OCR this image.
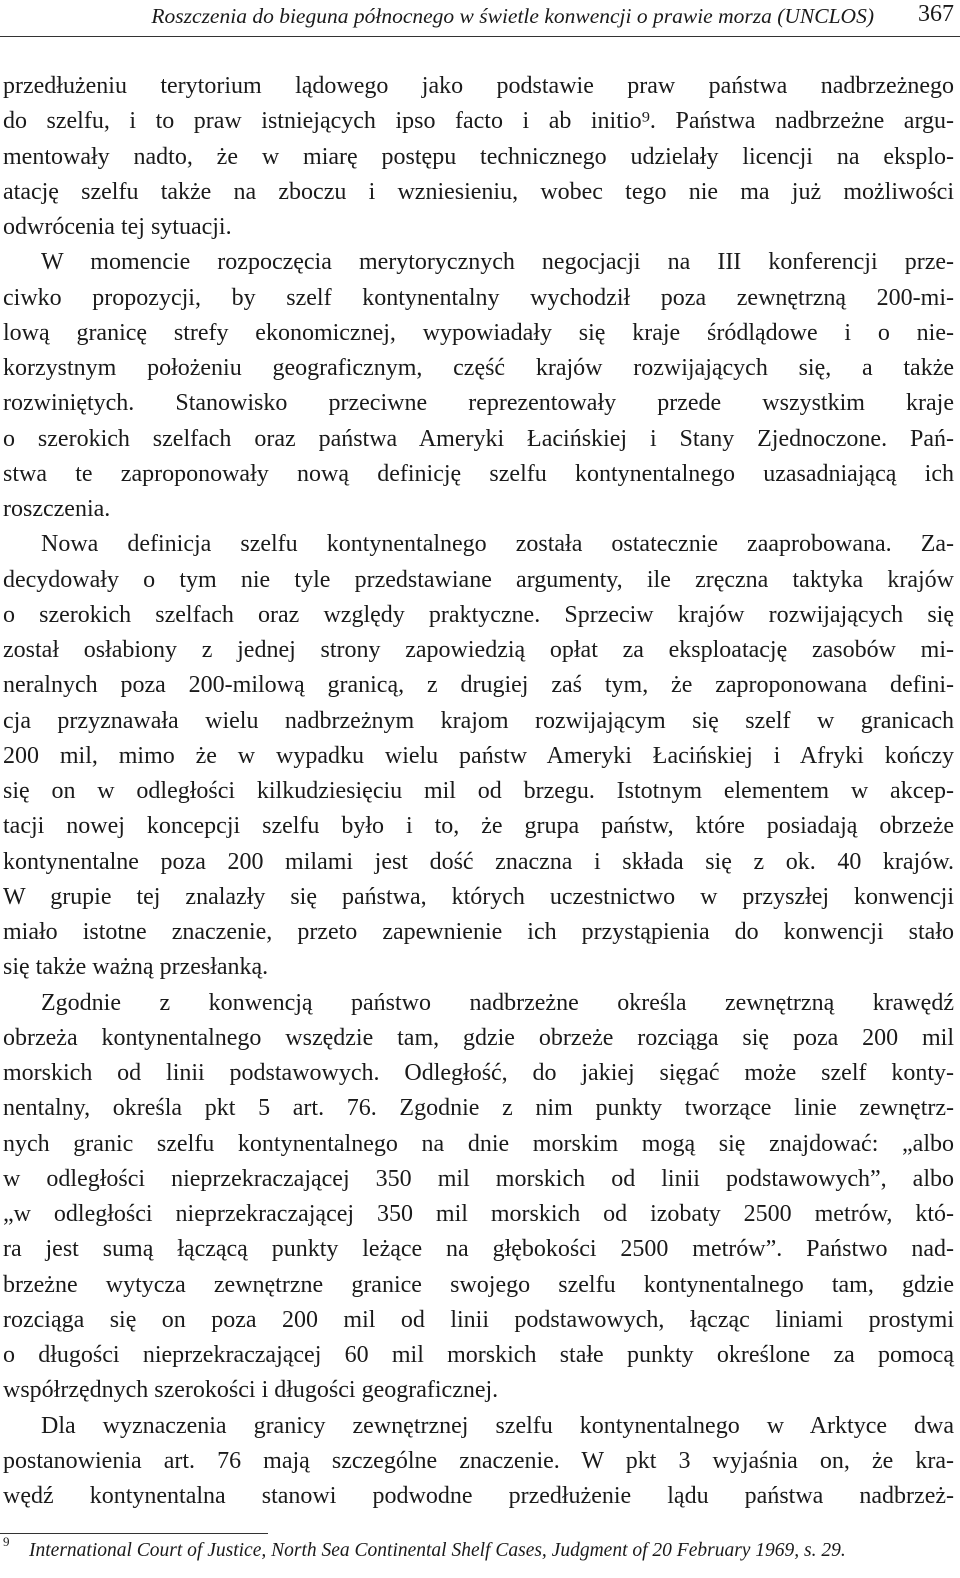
Roszczenia do bieguna północnego w świetle konwencji o prawie morza (UNCLOS) 367
przedłużeniu terytorium lądowego jako podstawie praw państwa nadbrzeżnego
do szelfu, i to praw istniejących ipso facto i ab initio⁹. Państwa nadbrzeżne argu-
mentowały nadto, że w miarę postępu technicznego udzielały licencji na eksplo-
atację szelfu także na zboczu i wzniesieniu, wobec tego nie ma już możliwości
odwrócenia tej sytuacji.
W momencie rozpoczęcia merytorycznych negocjacji na III konferencji prze-
ciwko propozycji, by szelf kontynentalny wychodził poza zewnętrzną 200-mi-
lową granicę strefy ekonomicznej, wypowiadały się kraje śródlądowe i o nie-
korzystnym położeniu geograficznym, część krajów rozwijających się, a także
rozwiniętych. Stanowisko przeciwne reprezentowały przede wszystkim kraje
o szerokich szelfach oraz państwa Ameryki Łacińskiej i Stany Zjednoczone. Pań-
stwa te zaproponowały nową definicję szelfu kontynentalnego uzasadniającą ich
roszczenia.
Nowa definicja szelfu kontynentalnego została ostatecznie zaaprobowana. Za-
decydowały o tym nie tyle przedstawiane argumenty, ile zręczna taktyka krajów
o szerokich szelfach oraz względy praktyczne. Sprzeciw krajów rozwijających się
został osłabiony z jednej strony zapowiedzią opłat za eksploatację zasobów mi-
neralnych poza 200-milową granicą, z drugiej zaś tym, że zaproponowana defini-
cja przyznawała wielu nadbrzeżnym krajom rozwijającym się szelf w granicach
200 mil, mimo że w wypadku wielu państw Ameryki Łacińskiej i Afryki kończy
się on w odległości kilkudziesięciu mil od brzegu. Istotnym elementem w akcep-
tacji nowej koncepcji szelfu było i to, że grupa państw, które posiadają obrzeże
kontynentalne poza 200 milami jest dość znaczna i składa się z ok. 40 krajów.
W grupie tej znalazły się państwa, których uczestnictwo w przyszłej konwencji
miało istotne znaczenie, przeto zapewnienie ich przystąpienia do konwencji stało
się także ważną przesłanką.
Zgodnie z konwencją państwo nadbrzeżne określa zewnętrzną krawędź
obrzeża kontynentalnego wszędzie tam, gdzie obrzeże rozciąga się poza 200 mil
morskich od linii podstawowych. Odległość, do jakiej sięgać może szelf konty-
nentalny, określa pkt 5 art. 76. Zgodnie z nim punkty tworzące linie zewnętrz-
nych granic szelfu kontynentalnego na dnie morskim mogą się znajdować: „albo
w odległości nieprzekraczającej 350 mil morskich od linii podstawowych”, albo
„w odległości nieprzekraczającej 350 mil morskich od izobaty 2500 metrów, któ-
ra jest sumą łączącą punkty leżące na głębokości 2500 metrów”. Państwo nad-
brzeżne wytycza zewnętrzne granice swojego szelfu kontynentalnego tam, gdzie
rozciąga się on poza 200 mil od linii podstawowych, łącząc liniami prostymi
o długości nieprzekraczającej 60 mil morskich stałe punkty określone za pomocą
współrzędnych szerokości i długości geograficznej.
Dla wyznaczenia granicy zewnętrznej szelfu kontynentalnego w Arktyce dwa
postanowienia art. 76 mają szczególne znaczenie. W pkt 3 wyjaśnia on, że kra-
wędź kontynentalna stanowi podwodne przedłużenie lądu państwa nadbrzeż-
9 International Court of Justice, North Sea Continental Shelf Cases, Judgment of 20 February 1969, s. 29.
